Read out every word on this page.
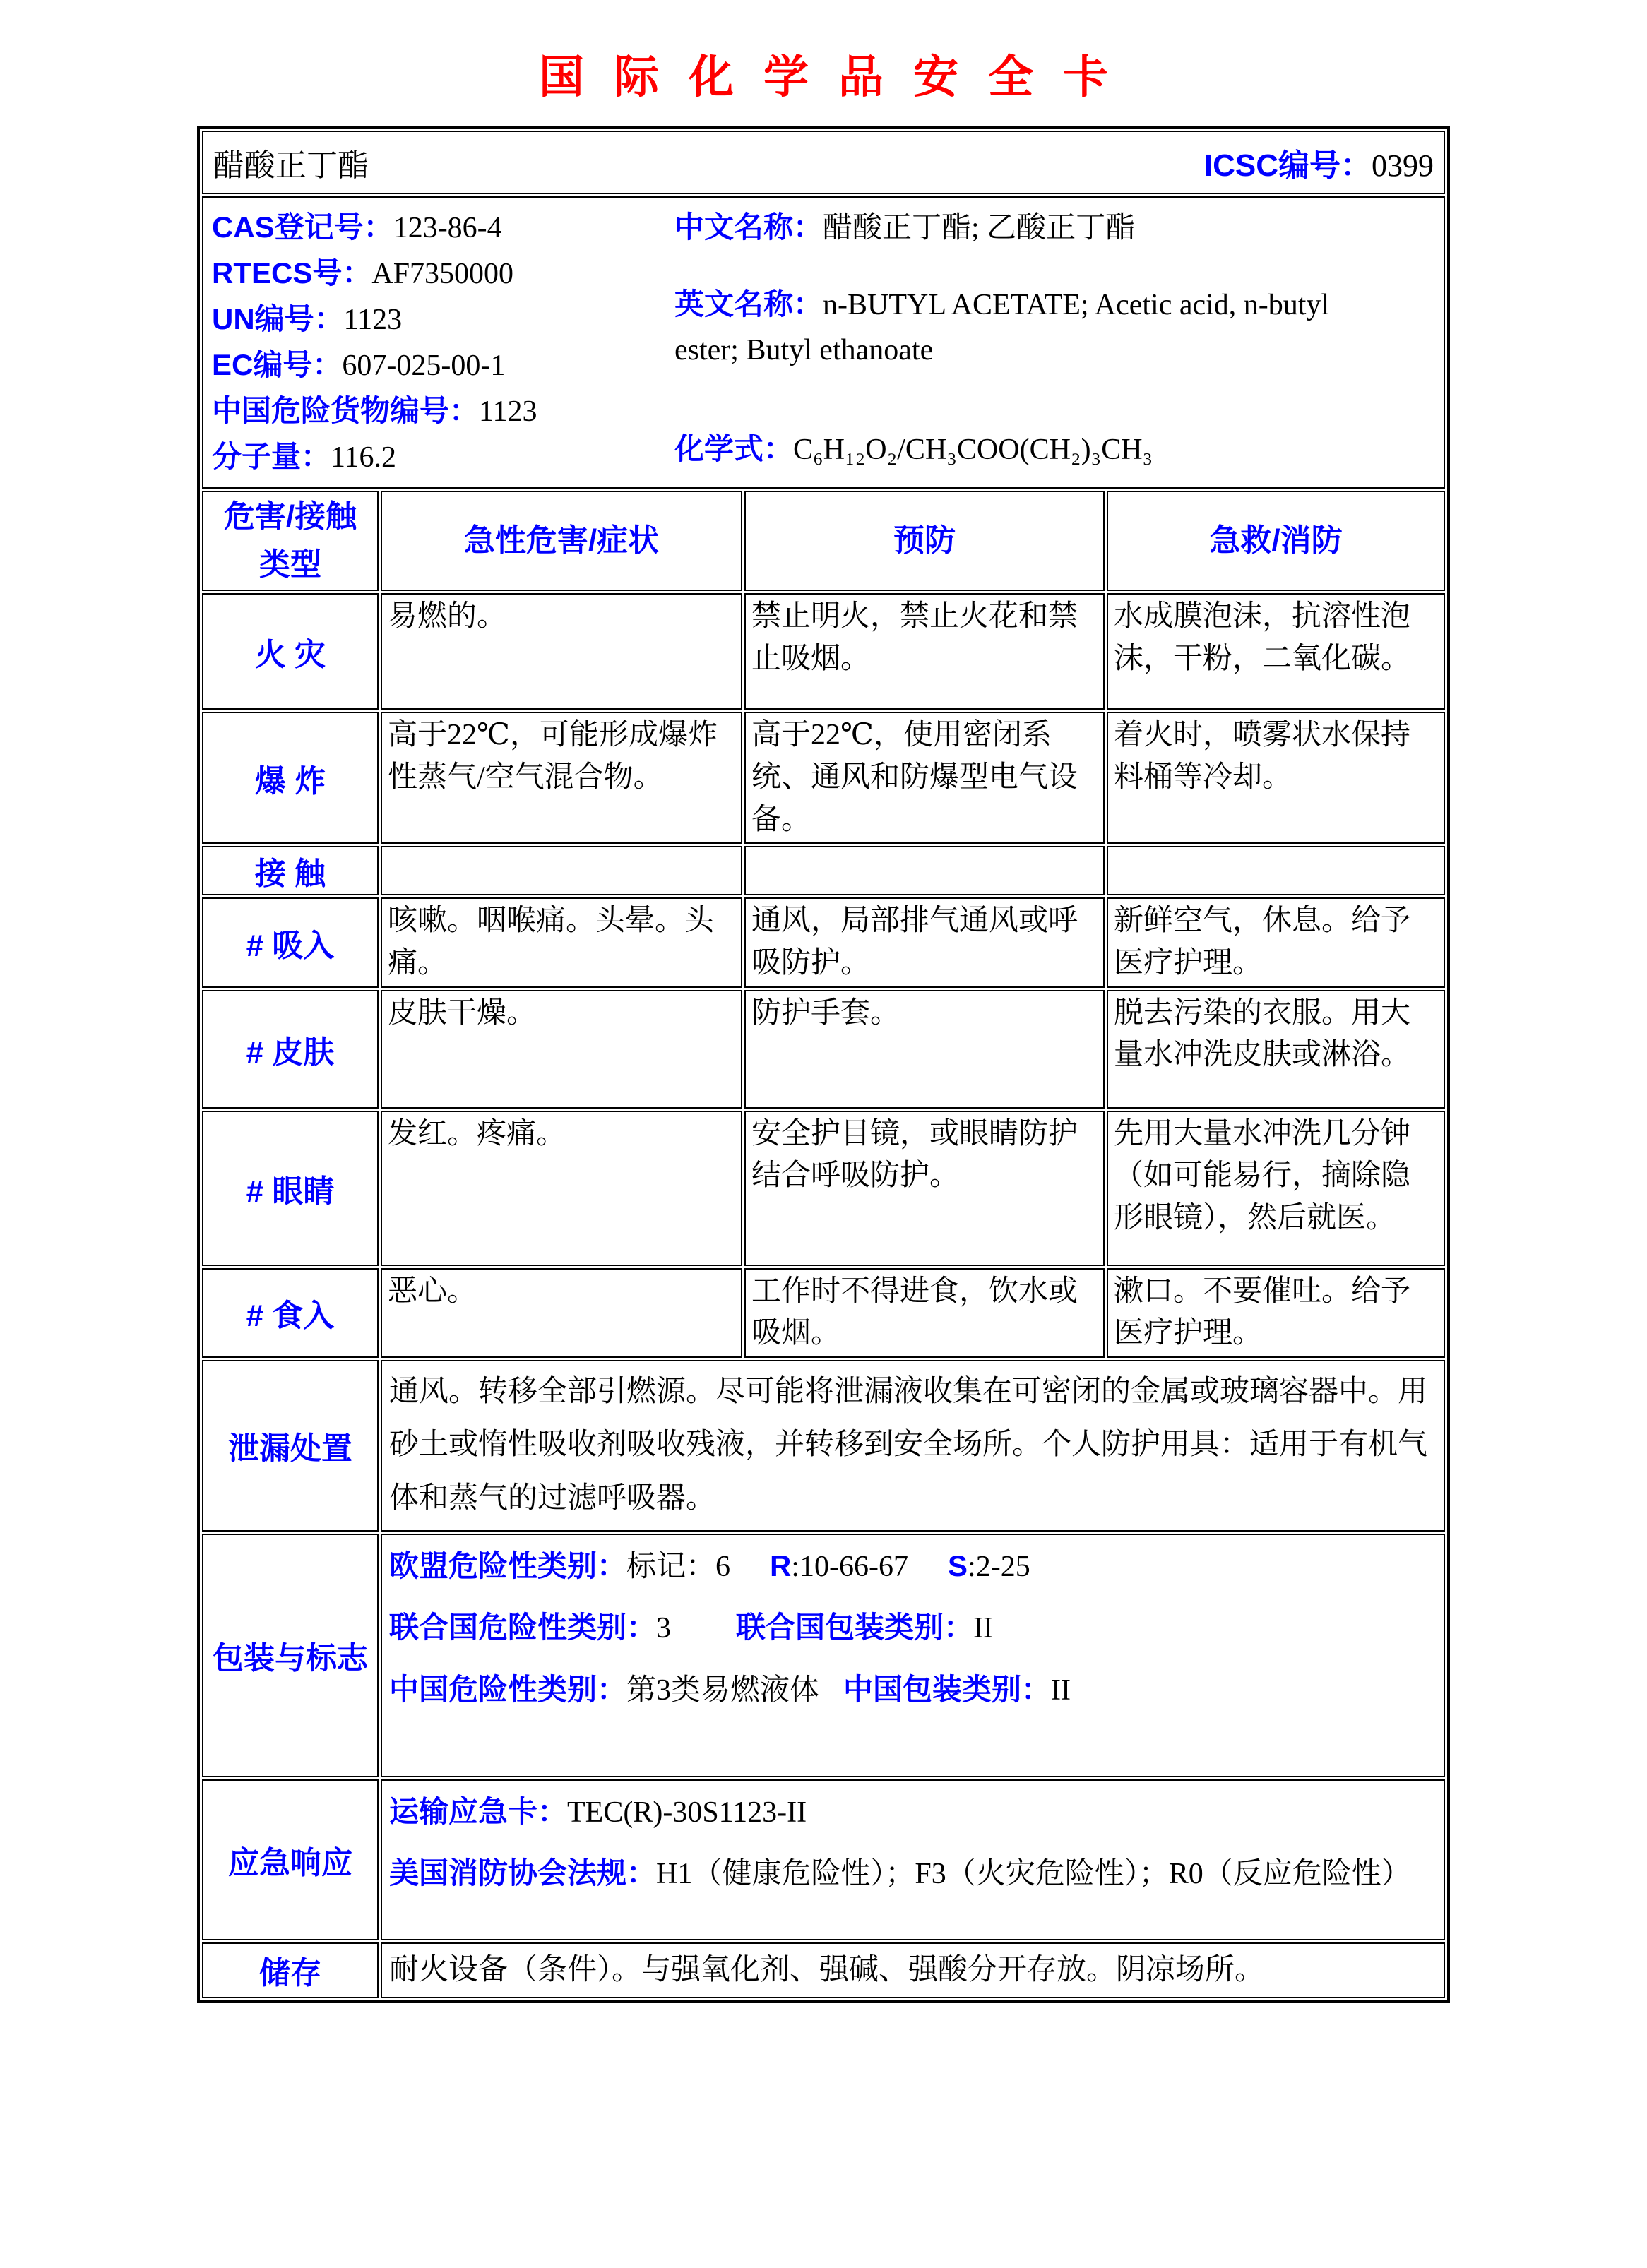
国际化学品安全卡
醋酸正丁酯 ICSC编号：0399			

CAS登记号：123-86-4
RTECS号：AF7350000
UN编号：1123
EC编号：607-025-00-1
中国危险货物编号：1123
分子量：116.2
中文名称：醋酸正丁酯; 乙酸正丁酯
英文名称：n-BUTYL ACETATE; Acetic acid, n-butyl ester; Butyl ethanoate
化学式：C₆H₁₂O₂/CH₃COO(CH₂)₃CH₃

危害/接触
类型	急性危害/症状	预防	急救/消防
火 灾	易燃的。	禁止明火，禁止火花和禁止吸烟。	水成膜泡沫，抗溶性泡沫，干粉，二氧化碳。
爆 炸	高于22℃，可能形成爆炸性蒸气/空气混合物。	高于22℃，使用密闭系统、通风和防爆型电气设备。	着火时，喷雾状水保持料桶等冷却。
接 触			
# 吸入	咳嗽。咽喉痛。头晕。头痛。	通风，局部排气通风或呼吸防护。	新鲜空气，休息。给予医疗护理。
# 皮肤	皮肤干燥。	防护手套。	脱去污染的衣服。用大量水冲洗皮肤或淋浴。
# 眼睛	发红。疼痛。	安全护目镜，或眼睛防护结合呼吸防护。	先用大量水冲洗几分钟（如可能易行，摘除隐形眼镜），然后就医。
# 食入	恶心。	工作时不得进食，饮水或吸烟。	漱口。不要催吐。给予医疗护理。
泄漏处置	通风。转移全部引燃源。尽可能将泄漏液收集在可密闭的金属或玻璃容器中。用砂土或惰性吸收剂吸收残液，并转移到安全场所。个人防护用具：适用于有机气体和蒸气的过滤呼吸器。		
包装与标志	欧盟危险性类别：标记：6 R:10-66-67 S:2-25
联合国危险性类别：3 联合国包装类别：II
中国危险性类别：第3类易燃液体 中国包装类别：II		

应急响应	运输应急卡：TEC(R)-30S1123-II
美国消防协会法规：H1（健康危险性）；F3（火灾危险性）；R0（反应危险性）		

储存	耐火设备（条件）。与强氧化剂、强碱、强酸分开存放。阴凉场所。		
